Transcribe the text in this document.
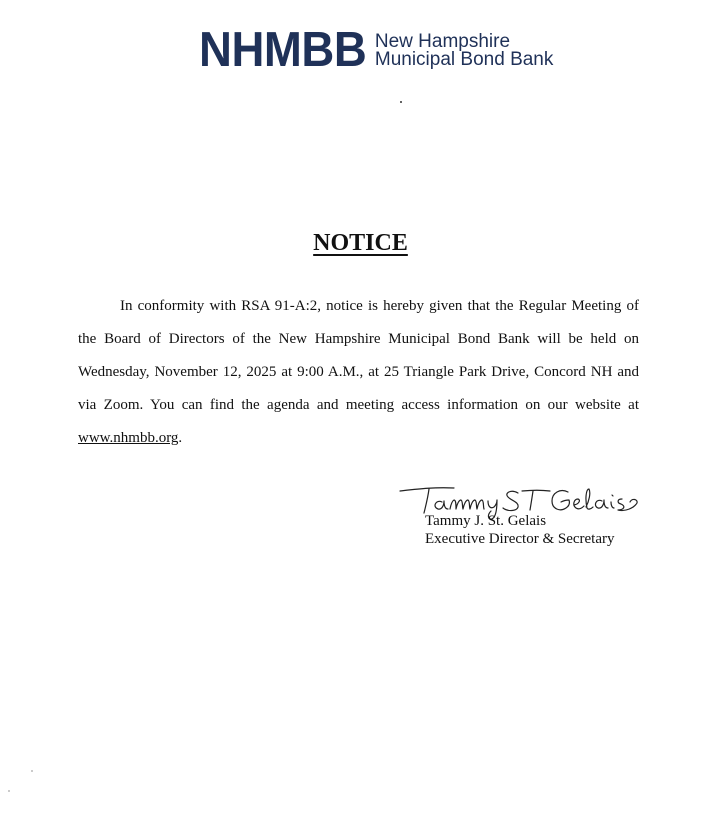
NHMBB New Hampshire
Municipal Bond Bank
NOTICE

In conformity with RSA 91-A:2, notice is hereby given that the Regular Meeting of the Board of Directors of the New Hampshire Municipal Bond Bank will be held on Wednesday, November 12, 2025 at 9:00 A.M., at 25 Triangle Park Drive, Concord NH and via Zoom. You can find the agenda and meeting access information on our website at www.nhmbb.org.

Tammy J. St. Gelais
Executive Director & Secretary
